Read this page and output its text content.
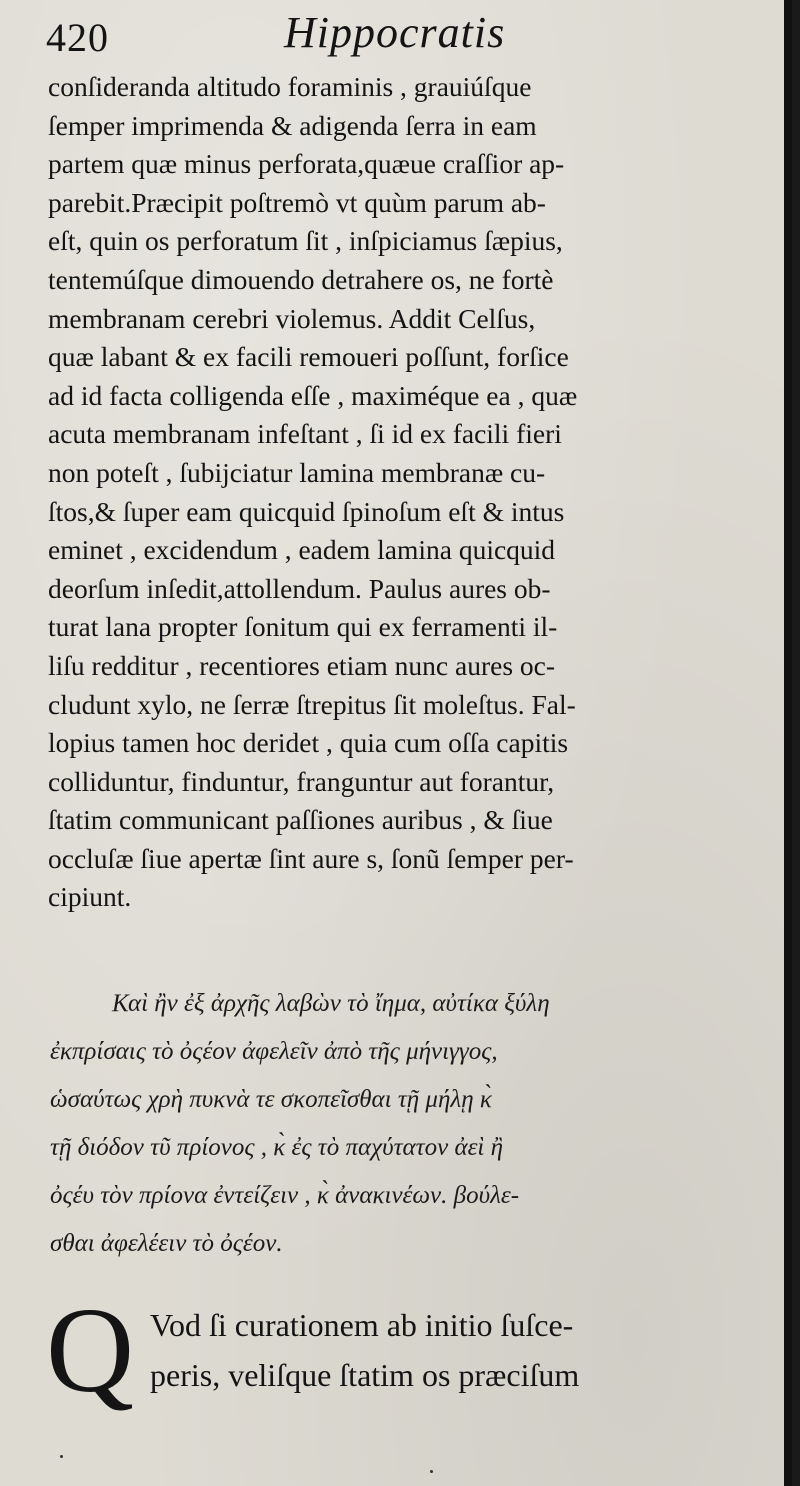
420	Hippocratis
conſideranda altitudo foraminis , grauiúſque
ſemper imprimenda & adigenda ſerra in eam
partem quæ minus perforata,quæue craſſior ap-
parebit.Præcipit poſtremò vt quùm parum ab-
eſt, quin os perforatum ſit , inſpiciamus ſæpius,
tentemúſque dimouendo detrahere os, ne fortè
membranam cerebri violemus. Addit Celſus,
quæ labant & ex facili remoueri poſſunt, forſice
ad id facta colligenda eſſe , maximéque ea , quæ
acuta membranam infeſtant , ſi id ex facili fieri
non poteſt , ſubijciatur lamina membranæ cu-
ſtos,& ſuper eam quicquid ſpinoſum eſt & intus
eminet , excidendum , eadem lamina quicquid
deorſum inſedit,attollendum. Paulus aures ob-
turat lana propter ſonitum qui ex ferramenti il-
liſu redditur , recentiores etiam nunc aures oc-
cludunt xylo, ne ſerræ ſtrepitus ſit moleſtus. Fal-
lopius tamen hoc deridet , quia cum oſſa capitis
colliduntur, finduntur, franguntur aut forantur,
ſtatim communicant paſſiones auribus , & ſiue
occluſæ ſiue apertæ ſint aure s, ſonũ ſemper per-
cipiunt.
Καὶ ἢν ἐξ ἀρχῆς λαβὼν τὸ ἴημα, αὐτίκα ξύλη
ἐκπρίσαις τὸ ὀςέον ἀφελεῖν ἀπὸ τῆς μήνιγγος,
ὡσαύτως χρὴ πυκνὰ τε σκοπεῖσθαι τῇ μήλῃ κ̀
τῇ διόδον τῦ πρίονος , κ̀ ἐς τὸ παχύτατον ἀεὶ ἢ
ὀςέυ τὸν πρίονα ἐντείζειν , κ̀ ἀνακινέων. βούλε-
σθαι ἀφελέειν τὸ ὀςέον.
Q Vod ſi curationem ab initio ſuſce-
peris, veliſque ſtatim os præciſum
